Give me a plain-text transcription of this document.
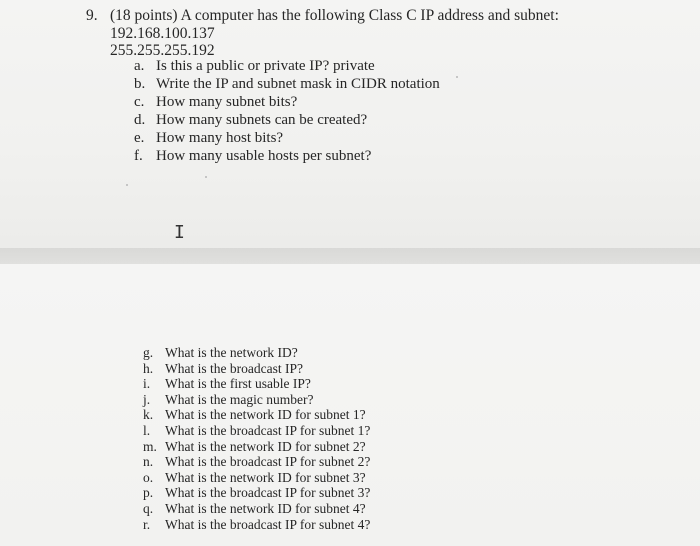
9. (18 points) A computer has the following Class C IP address and subnet:
192.168.100.137
255.255.255.192
a. Is this a public or private IP? private
b. Write the IP and subnet mask in CIDR notation
c. How many subnet bits?
d. How many subnets can be created?
e. How many host bits?
f. How many usable hosts per subnet?
I
g. What is the network ID?
h. What is the broadcast IP?
i. What is the first usable IP?
j. What is the magic number?
k. What is the network ID for subnet 1?
l. What is the broadcast IP for subnet 1?
m. What is the network ID for subnet 2?
n. What is the broadcast IP for subnet 2?
o. What is the network ID for subnet 3?
p. What is the broadcast IP for subnet 3?
q. What is the network ID for subnet 4?
r. What is the broadcast IP for subnet 4?
